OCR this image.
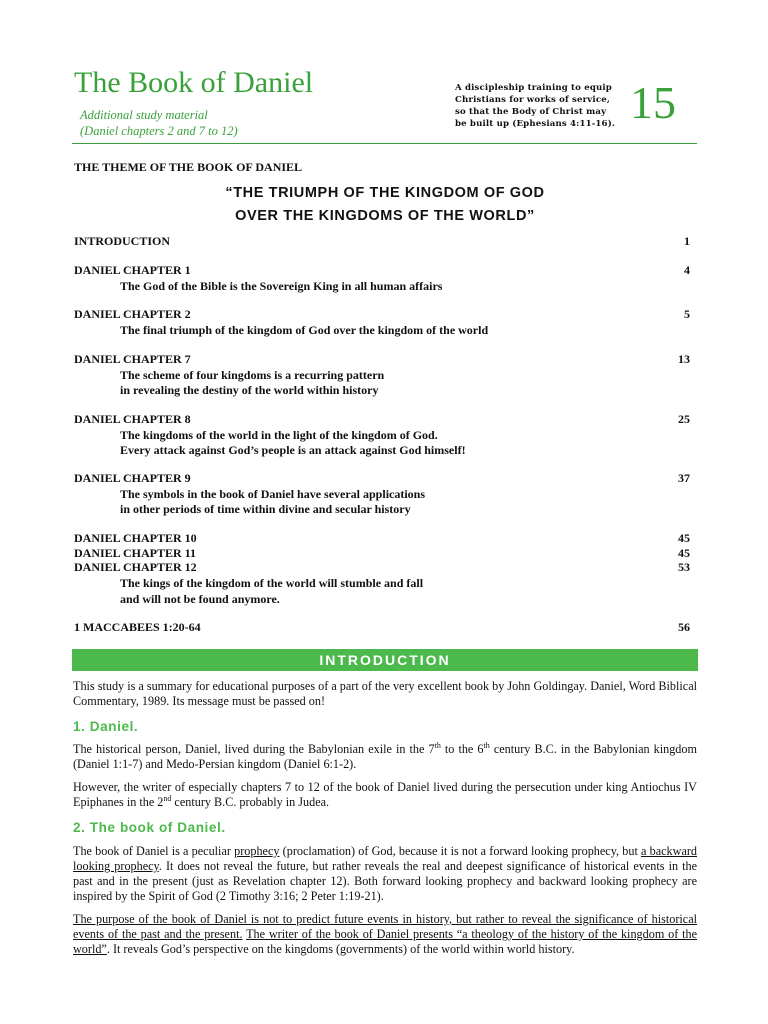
The Book of Daniel
Additional study material
(Daniel chapters 2 and 7 to 12)
A discipleship training to equip
Christians for works of service,
so that the Body of Christ may
be built up (Ephesians 4:11-16). 15
THE THEME OF THE BOOK OF DANIEL
“THE TRIUMPH OF THE KINGDOM OF GOD
OVER THE KINGDOMS OF THE WORLD”
INTRODUCTION	1
DANIEL CHAPTER 1	4
The God of the Bible is the Sovereign King in all human affairs
DANIEL CHAPTER 2	5
The final triumph of the kingdom of God over the kingdom of the world
DANIEL CHAPTER 7	13
The scheme of four kingdoms is a recurring pattern
in revealing the destiny of the world within history
DANIEL CHAPTER 8	25
The kingdoms of the world in the light of the kingdom of God.
Every attack against God’s people is an attack against God himself!
DANIEL CHAPTER 9	37
The symbols in the book of Daniel have several applications
in other periods of time within divine and secular history
DANIEL CHAPTER 10	45
DANIEL CHAPTER 11	45
DANIEL CHAPTER 12	53
The kings of the kingdom of the world will stumble and fall
and will not be found anymore.
1 MACCABEES 1:20-64	56
INTRODUCTION
This study is a summary for educational purposes of a part of the very excellent book by John Goldingay. Daniel, Word Biblical Commentary, 1989. Its message must be passed on!
1. Daniel.
The historical person, Daniel, lived during the Babylonian exile in the 7th to the 6th century B.C. in the Babylonian kingdom (Daniel 1:1-7) and Medo-Persian kingdom (Daniel 6:1-2).
However, the writer of especially chapters 7 to 12 of the book of Daniel lived during the persecution under king Antiochus IV Epiphanes in the 2nd century B.C. probably in Judea.
2. The book of Daniel.
The book of Daniel is a peculiar prophecy (proclamation) of God, because it is not a forward looking prophecy, but a backward looking prophecy. It does not reveal the future, but rather reveals the real and deepest significance of historical events in the past and in the present (just as Revelation chapter 12). Both forward looking prophecy and backward looking prophecy are inspired by the Spirit of God (2 Timothy 3:16; 2 Peter 1:19-21).
The purpose of the book of Daniel is not to predict future events in history, but rather to reveal the significance of historical events of the past and the present. The writer of the book of Daniel presents “a theology of the history of the kingdom of the world”. It reveals God’s perspective on the kingdoms (governments) of the world within world history.
